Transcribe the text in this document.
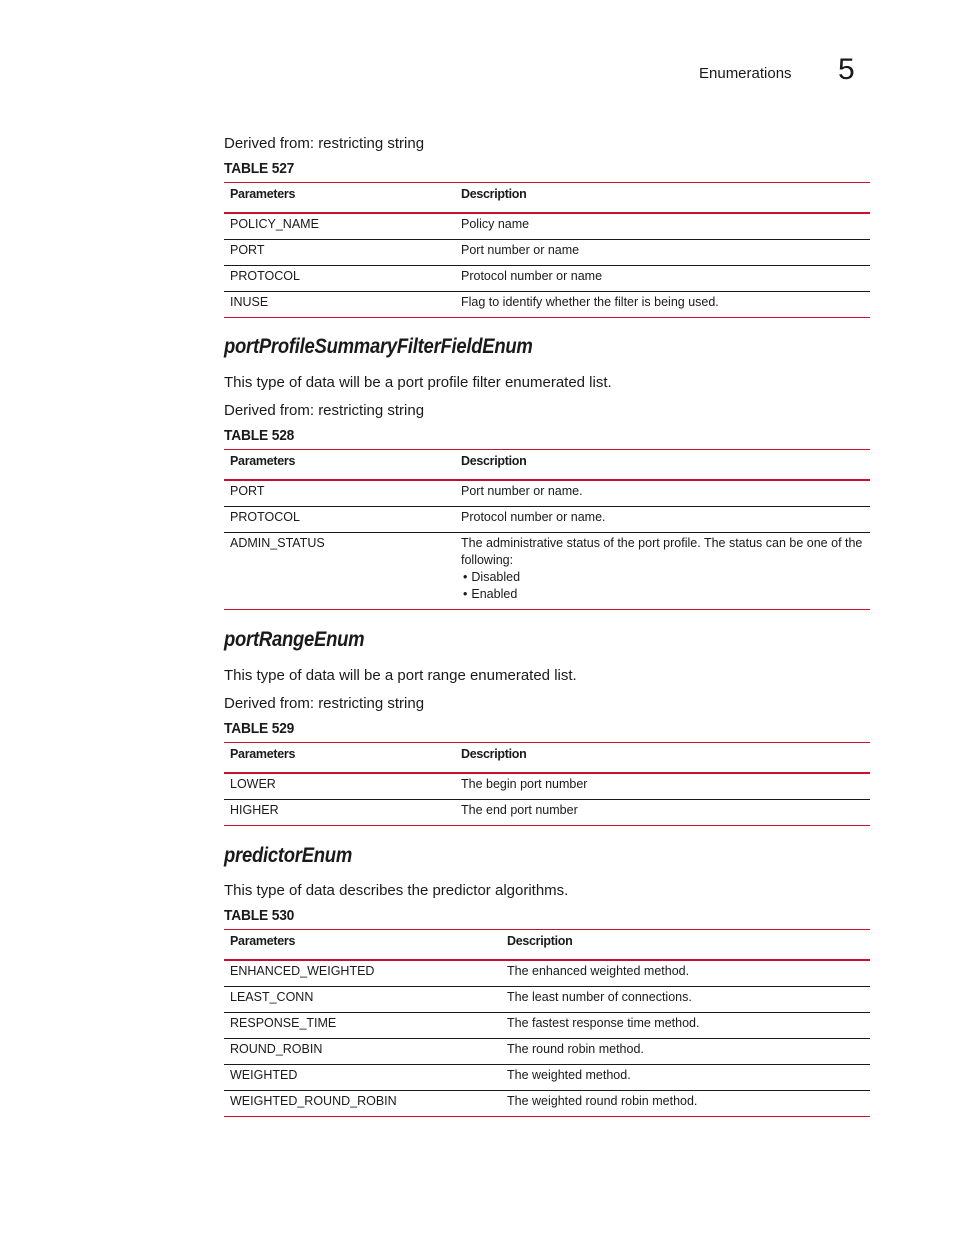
Enumerations 5
Derived from: restricting string
TABLE 527
Parameters	Description
POLICY_NAME	Policy name
PORT	Port number or name
PROTOCOL	Protocol number or name
INUSE	Flag to identify whether the filter is being used.
portProfileSummaryFilterFieldEnum
This type of data will be a port profile filter enumerated list.
Derived from: restricting string
TABLE 528
Parameters	Description
PORT	Port number or name.
PROTOCOL	Protocol number or name.
ADMIN_STATUS	The administrative status of the port profile. The status can be one of the following:
• Disabled
• Enabled
portRangeEnum
This type of data will be a port range enumerated list.
Derived from: restricting string
TABLE 529
Parameters	Description
LOWER	The begin port number
HIGHER	The end port number
predictorEnum
This type of data describes the predictor algorithms.
TABLE 530
Parameters	Description
ENHANCED_WEIGHTED	The enhanced weighted method.
LEAST_CONN	The least number of connections.
RESPONSE_TIME	The fastest response time method.
ROUND_ROBIN	The round robin method.
WEIGHTED	The weighted method.
WEIGHTED_ROUND_ROBIN	The weighted round robin method.
